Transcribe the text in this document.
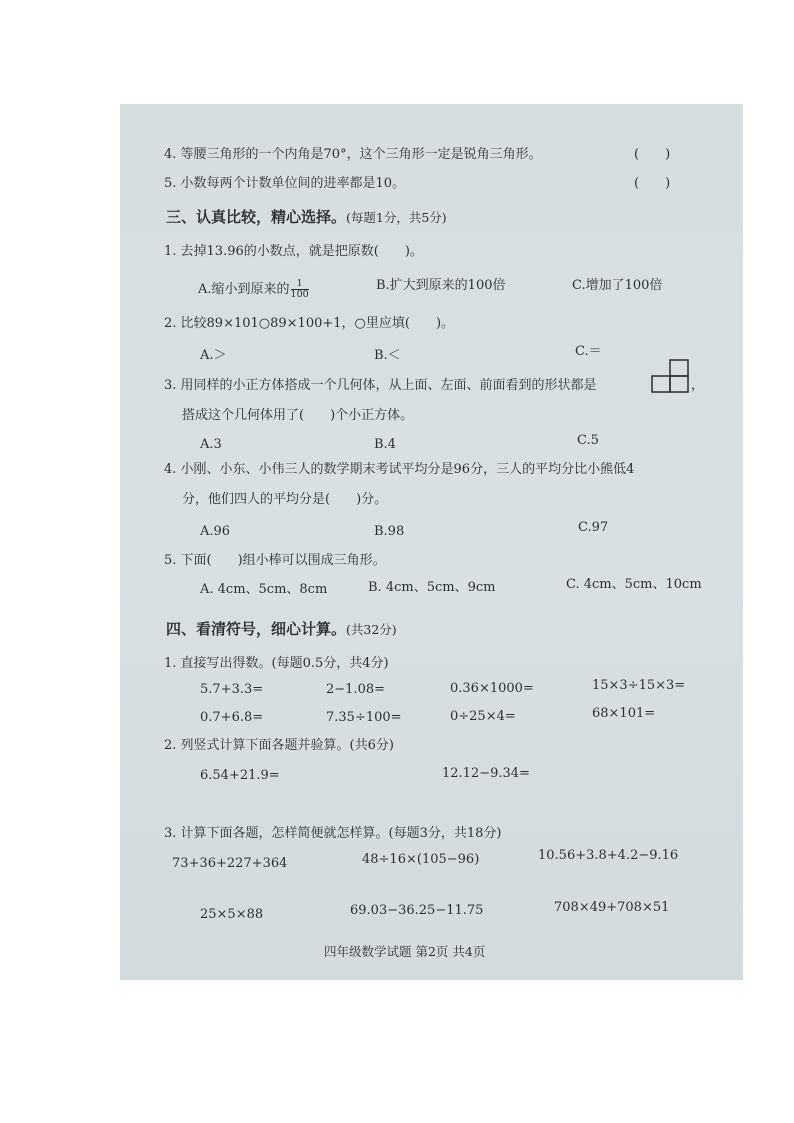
4. 等腰三角形的一个内角是70°，这个三角形一定是锐角三角形。	(　　)
5. 小数每两个计数单位间的进率都是10。	(　　)
三、认真比较，精心选择。(每题1分，共5分)
1. 去掉13.96的小数点，就是把原数(　　)。
A.缩小到原来的 $\frac{1}{100}$	B.扩大到原来的100倍	C.增加了100倍
2. 比较89×101○89×100+1，○里应填(　　)。
A.＞	B.＜	C.＝
3. 用同样的小正方体搭成一个几何体，从上面、左面、前面看到的形状都是	，
搭成这个几何体用了(　　)个小正方体。
A.3	B.4	C.5
4. 小刚、小东、小伟三人的数学期末考试平均分是96分，三人的平均分比小熊低4
分，他们四人的平均分是(　　)分。
A.96	B.98	C.97
5. 下面(　　)组小棒可以围成三角形。
A. 4cm、5cm、8cm	B. 4cm、5cm、9cm	C. 4cm、5cm、10cm
四、看清符号，细心计算。(共32分)
1. 直接写出得数。(每题0.5分，共4分)
5.7+3.3=	2−1.08=	0.36×1000=	15×3÷15×3=
0.7+6.8=	7.35÷100=	0÷25×4=	68×101=
2. 列竖式计算下面各题并验算。(共6分)
6.54+21.9=	12.12−9.34=
3. 计算下面各题，怎样简便就怎样算。(每题3分，共18分)
73+36+227+364	48÷16×(105−96)	10.56+3.8+4.2−9.16
25×5×88	69.03−36.25−11.75	708×49+708×51
四年级数学试题 第2页 共4页
